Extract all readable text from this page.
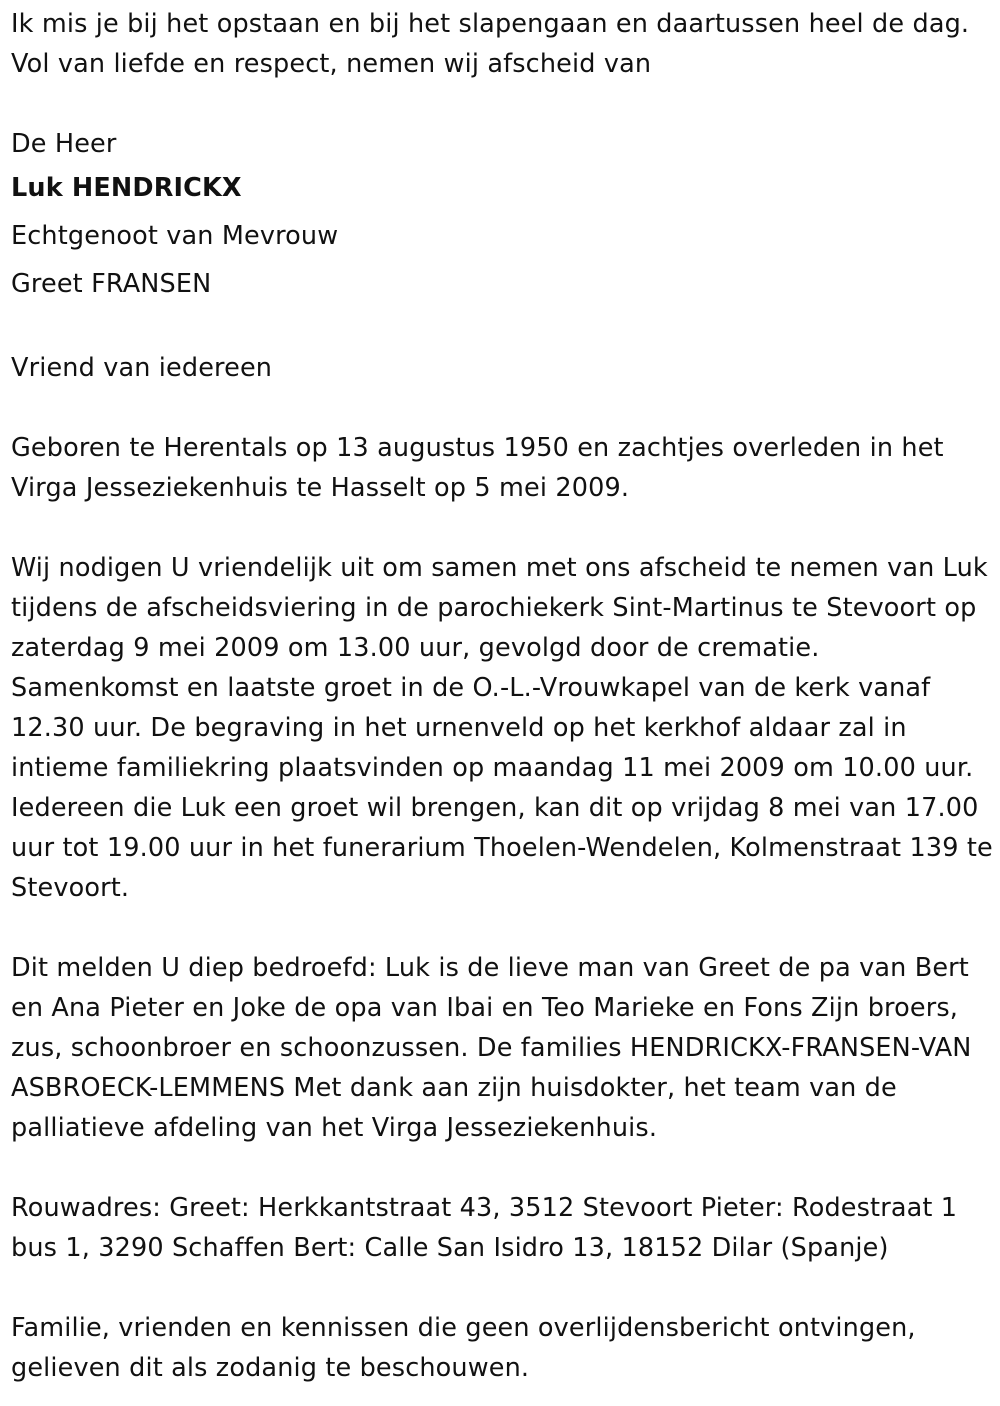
Ik mis je bij het opstaan en bij het slapengaan en daartussen heel de dag. Vol van liefde en respect, nemen wij afscheid van

De Heer

Luk HENDRICKX

Echtgenoot van Mevrouw

Greet FRANSEN

Vriend van iedereen

Geboren te Herentals op 13 augustus 1950 en zachtjes overleden in het Virga Jesseziekenhuis te Hasselt op 5 mei 2009.

Wij nodigen U vriendelijk uit om samen met ons afscheid te nemen van Luk tijdens de afscheidsviering in de parochiekerk Sint-Martinus te Stevoort op zaterdag 9 mei 2009 om 13.00 uur, gevolgd door de crematie. Samenkomst en laatste groet in de O.-L.-Vrouwkapel van de kerk vanaf 12.30 uur. De begraving in het urnenveld op het kerkhof aldaar zal in intieme familiekring plaatsvinden op maandag 11 mei 2009 om 10.00 uur. Iedereen die Luk een groet wil brengen, kan dit op vrijdag 8 mei van 17.00 uur tot 19.00 uur in het funerarium Thoelen-Wendelen, Kolmenstraat 139 te Stevoort.

Dit melden U diep bedroefd: Luk is de lieve man van Greet de pa van Bert en Ana Pieter en Joke de opa van Ibai en Teo Marieke en Fons Zijn broers, zus, schoonbroer en schoonzussen. De families HENDRICKX-FRANSEN-VAN ASBROECK-LEMMENS Met dank aan zijn huisdokter, het team van de palliatieve afdeling van het Virga Jesseziekenhuis.

Rouwadres: Greet: Herkkantstraat 43, 3512 Stevoort Pieter: Rodestraat 1 bus 1, 3290 Schaffen Bert: Calle San Isidro 13, 18152 Dilar (Spanje)

Familie, vrienden en kennissen die geen overlijdensbericht ontvingen, gelieven dit als zodanig te beschouwen.
